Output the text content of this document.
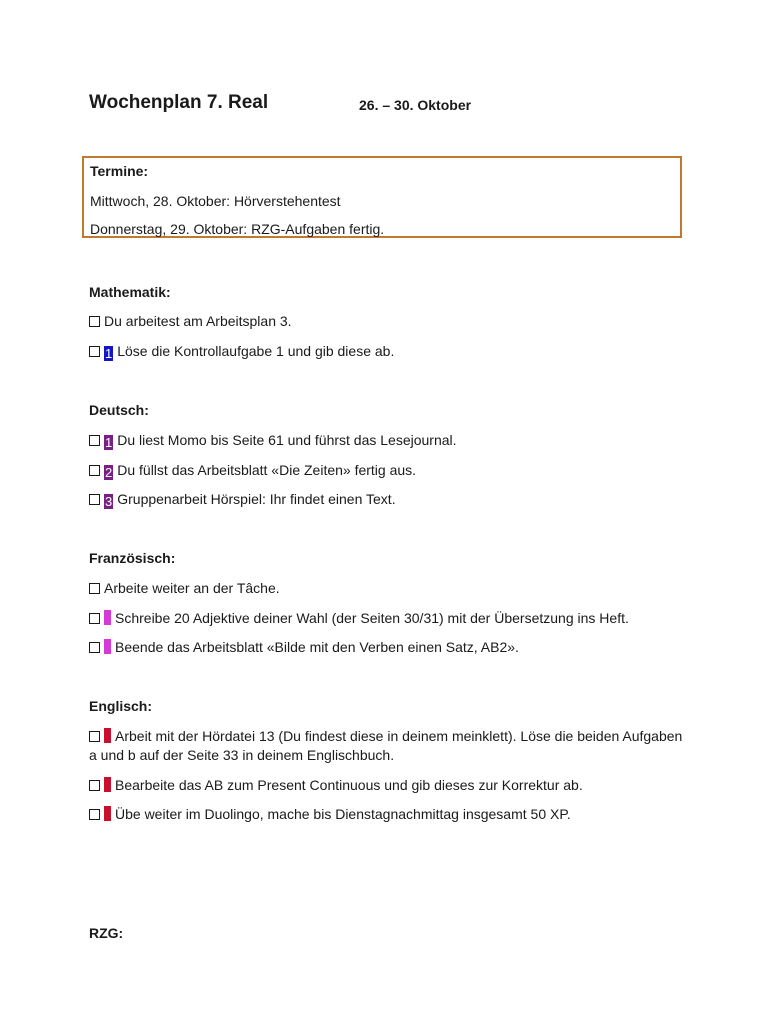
Wochenplan 7. Real	26. – 30. Oktober
Termine:
Mittwoch, 28. Oktober: Hörverstehentest
Donnerstag, 29. Oktober: RZG-Aufgaben fertig.
Mathematik:
Du arbeitest am Arbeitsplan 3.
1 Löse die Kontrollaufgabe 1 und gib diese ab.
Deutsch:
1 Du liest Momo bis Seite 61 und führst das Lesejournal.
2 Du füllst das Arbeitsblatt «Die Zeiten» fertig aus.
3 Gruppenarbeit Hörspiel: Ihr findet einen Text.
Französisch:
Arbeite weiter an der Tâche.
Schreibe 20 Adjektive deiner Wahl (der Seiten 30/31) mit der Übersetzung ins Heft.
Beende das Arbeitsblatt «Bilde mit den Verben einen Satz, AB2».
Englisch:
Arbeit mit der Hördatei 13 (Du findest diese in deinem meinklett). Löse die beiden Aufgaben a und b auf der Seite 33 in deinem Englischbuch.
Bearbeite das AB zum Present Continuous und gib dieses zur Korrektur ab.
Übe weiter im Duolingo, mache bis Dienstagnachmittag insgesamt 50 XP.
RZG:
